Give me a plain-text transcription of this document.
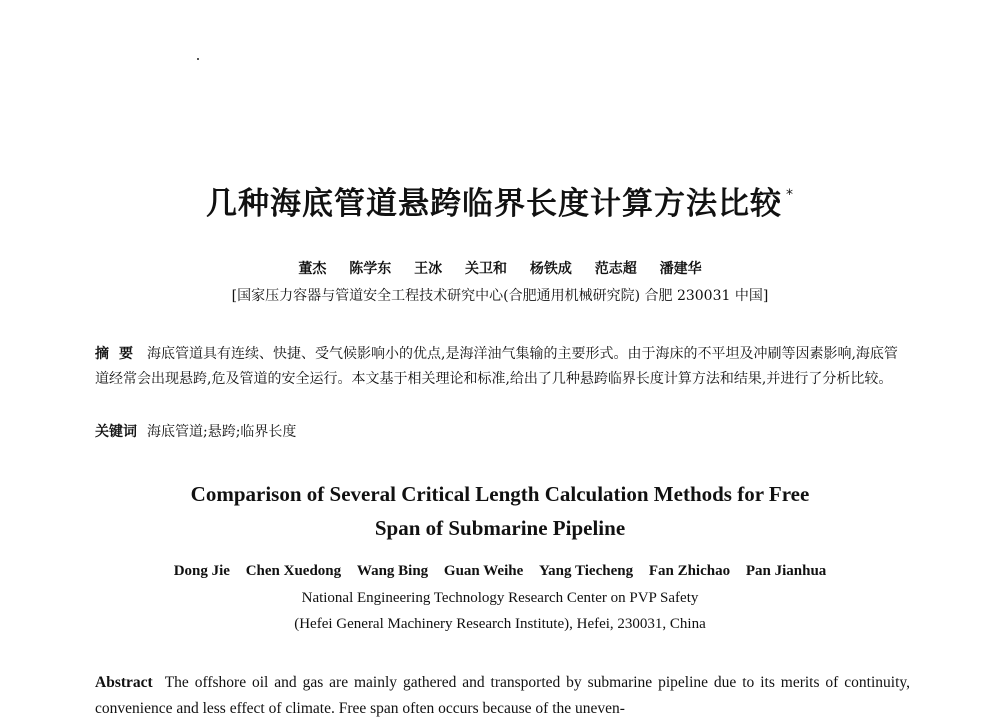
几种海底管道悬跨临界长度计算方法比较 *
董杰 陈学东 王冰 关卫和 杨铁成 范志超 潘建华
[国家压力容器与管道安全工程技术研究中心(合肥通用机械研究院) 合肥 230031 中国]
摘要 海底管道具有连续、快捷、受气候影响小的优点,是海洋油气集输的主要形式。由于海床的不平坦及冲刷等因素影响,海底管道经常会出现悬跨,危及管道的安全运行。本文基于相关理论和标准,给出了几种悬跨临界长度计算方法和结果,并进行了分析比较。
关键词 海底管道;悬跨;临界长度
Comparison of Several Critical Length Calculation Methods for Free
Span of Submarine Pipeline
Dong Jie Chen Xuedong Wang Bing Guan Weihe Yang Tiecheng Fan Zhichao Pan Jianhua
National Engineering Technology Research Center on PVP Safety
(Hefei General Machinery Research Institute), Hefei, 230031, China
Abstract The offshore oil and gas are mainly gathered and transported by submarine pipeline due to its merits of continuity, convenience and less effect of climate. Free span often occurs because of the uneven-
